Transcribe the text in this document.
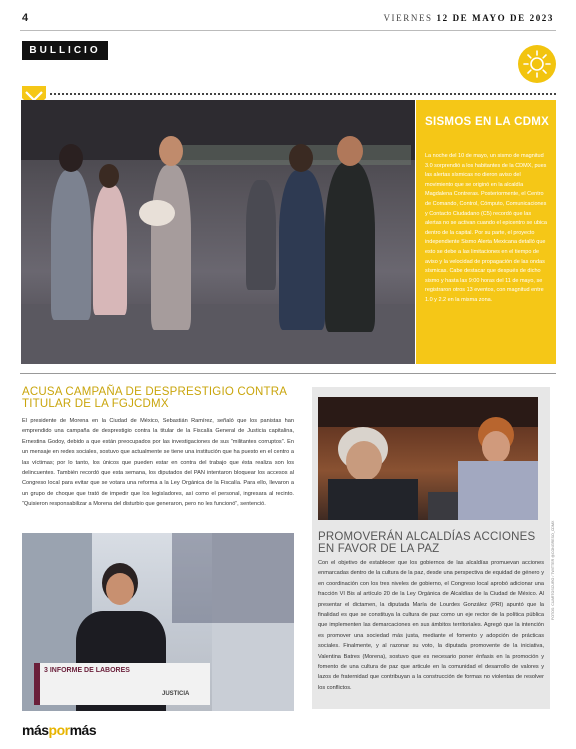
4	VIERNES 12 DE MAYO DE 2023
BULLICIO
SISMOS EN LA CDMX
La noche del 10 de mayo, un sismo de magnitud 3.0 sorprendió a los habitantes de la CDMX, pues las alertas sísmicas no dieron aviso del movimiento que se originó en la alcaldía Magdalena Contreras. Posteriormente, el Centro de Comando, Control, Cómputo, Comunicaciones y Contacto Ciudadano (C5) recordó que las alertas no se activan cuando el epicentro se ubica dentro de la capital. Por su parte, el proyecto independiente Sismo Alerta Mexicana detalló que esto se debe a las limitaciones en el tiempo de aviso y la velocidad de propagación de las ondas sísmicas. Cabe destacar que después de dicho sismo y hasta las 9:00 horas del 11 de mayo, se registraron otros 13 eventos, con magnitud entre 1.0 y 2.2 en la misma zona.
ACUSA CAMPAÑA DE DESPRESTIGIO CONTRA TITULAR DE LA FGJCDMX
El presidente de Morena en la Ciudad de México, Sebastián Ramírez, señaló que los panistas han emprendido una campaña de desprestigio contra la titular de la Fiscalía General de Justicia capitalina, Ernestina Godoy, debido a que están preocupados por las investigaciones de sus “militantes corruptos”. En un mensaje en redes sociales, sostuvo que actualmente se tiene una institución que ha puesto en el centro a las víctimas; por lo tanto, los únicos que pueden estar en contra del trabajo que ésta realiza son los delincuentes. También recordó que esta semana, los diputados del PAN intentaron bloquear los accesos al Congreso local para evitar que se votara una reforma a la Ley Orgánica de la Fiscalía. Para ello, llevaron a un grupo de choque que trató de impedir que los legisladores, así como el personal, ingresara al recinto. “Quisieron responsabilizar a Morena del disturbio que generaron, pero no les funcionó”, sentenció.
3 INFORME DE LABORES
JUSTICIA
PROMOVERÁN ALCALDÍAS ACCIONES EN FAVOR DE LA PAZ
Con el objetivo de establecer que los gobiernos de las alcaldías promuevan acciones enmarcadas dentro de la cultura de la paz, desde una perspectiva de equidad de género y en coordinación con los tres niveles de gobierno, el Congreso local aprobó adicionar una fracción VI Bis al artículo 20 de la Ley Orgánica de Alcaldías de la Ciudad de México. Al presentar el dictamen, la diputada María de Lourdes González (PRI) apuntó que la finalidad es que se constituya la cultura de paz como un eje rector de la política pública que implementen las demarcaciones en sus ámbitos territoriales. Agregó que la intención es promover una sociedad más justa, mediante el fomento y adopción de prácticas sociales. Finalmente, y al razonar su voto, la diputada promovente de la iniciativa, Valentina Batres (Morena), sostuvo que es necesario poner énfasis en la promoción y fomento de una cultura de paz que articule en la comunidad el desarrollo de valores y lazos de fraternidad que contribuyan a la construcción de formas no violentas de resolver los conflictos.
FOTOS: CUARTOSCURO / TWITTER @CONGRESO_CDMX
máspormás
